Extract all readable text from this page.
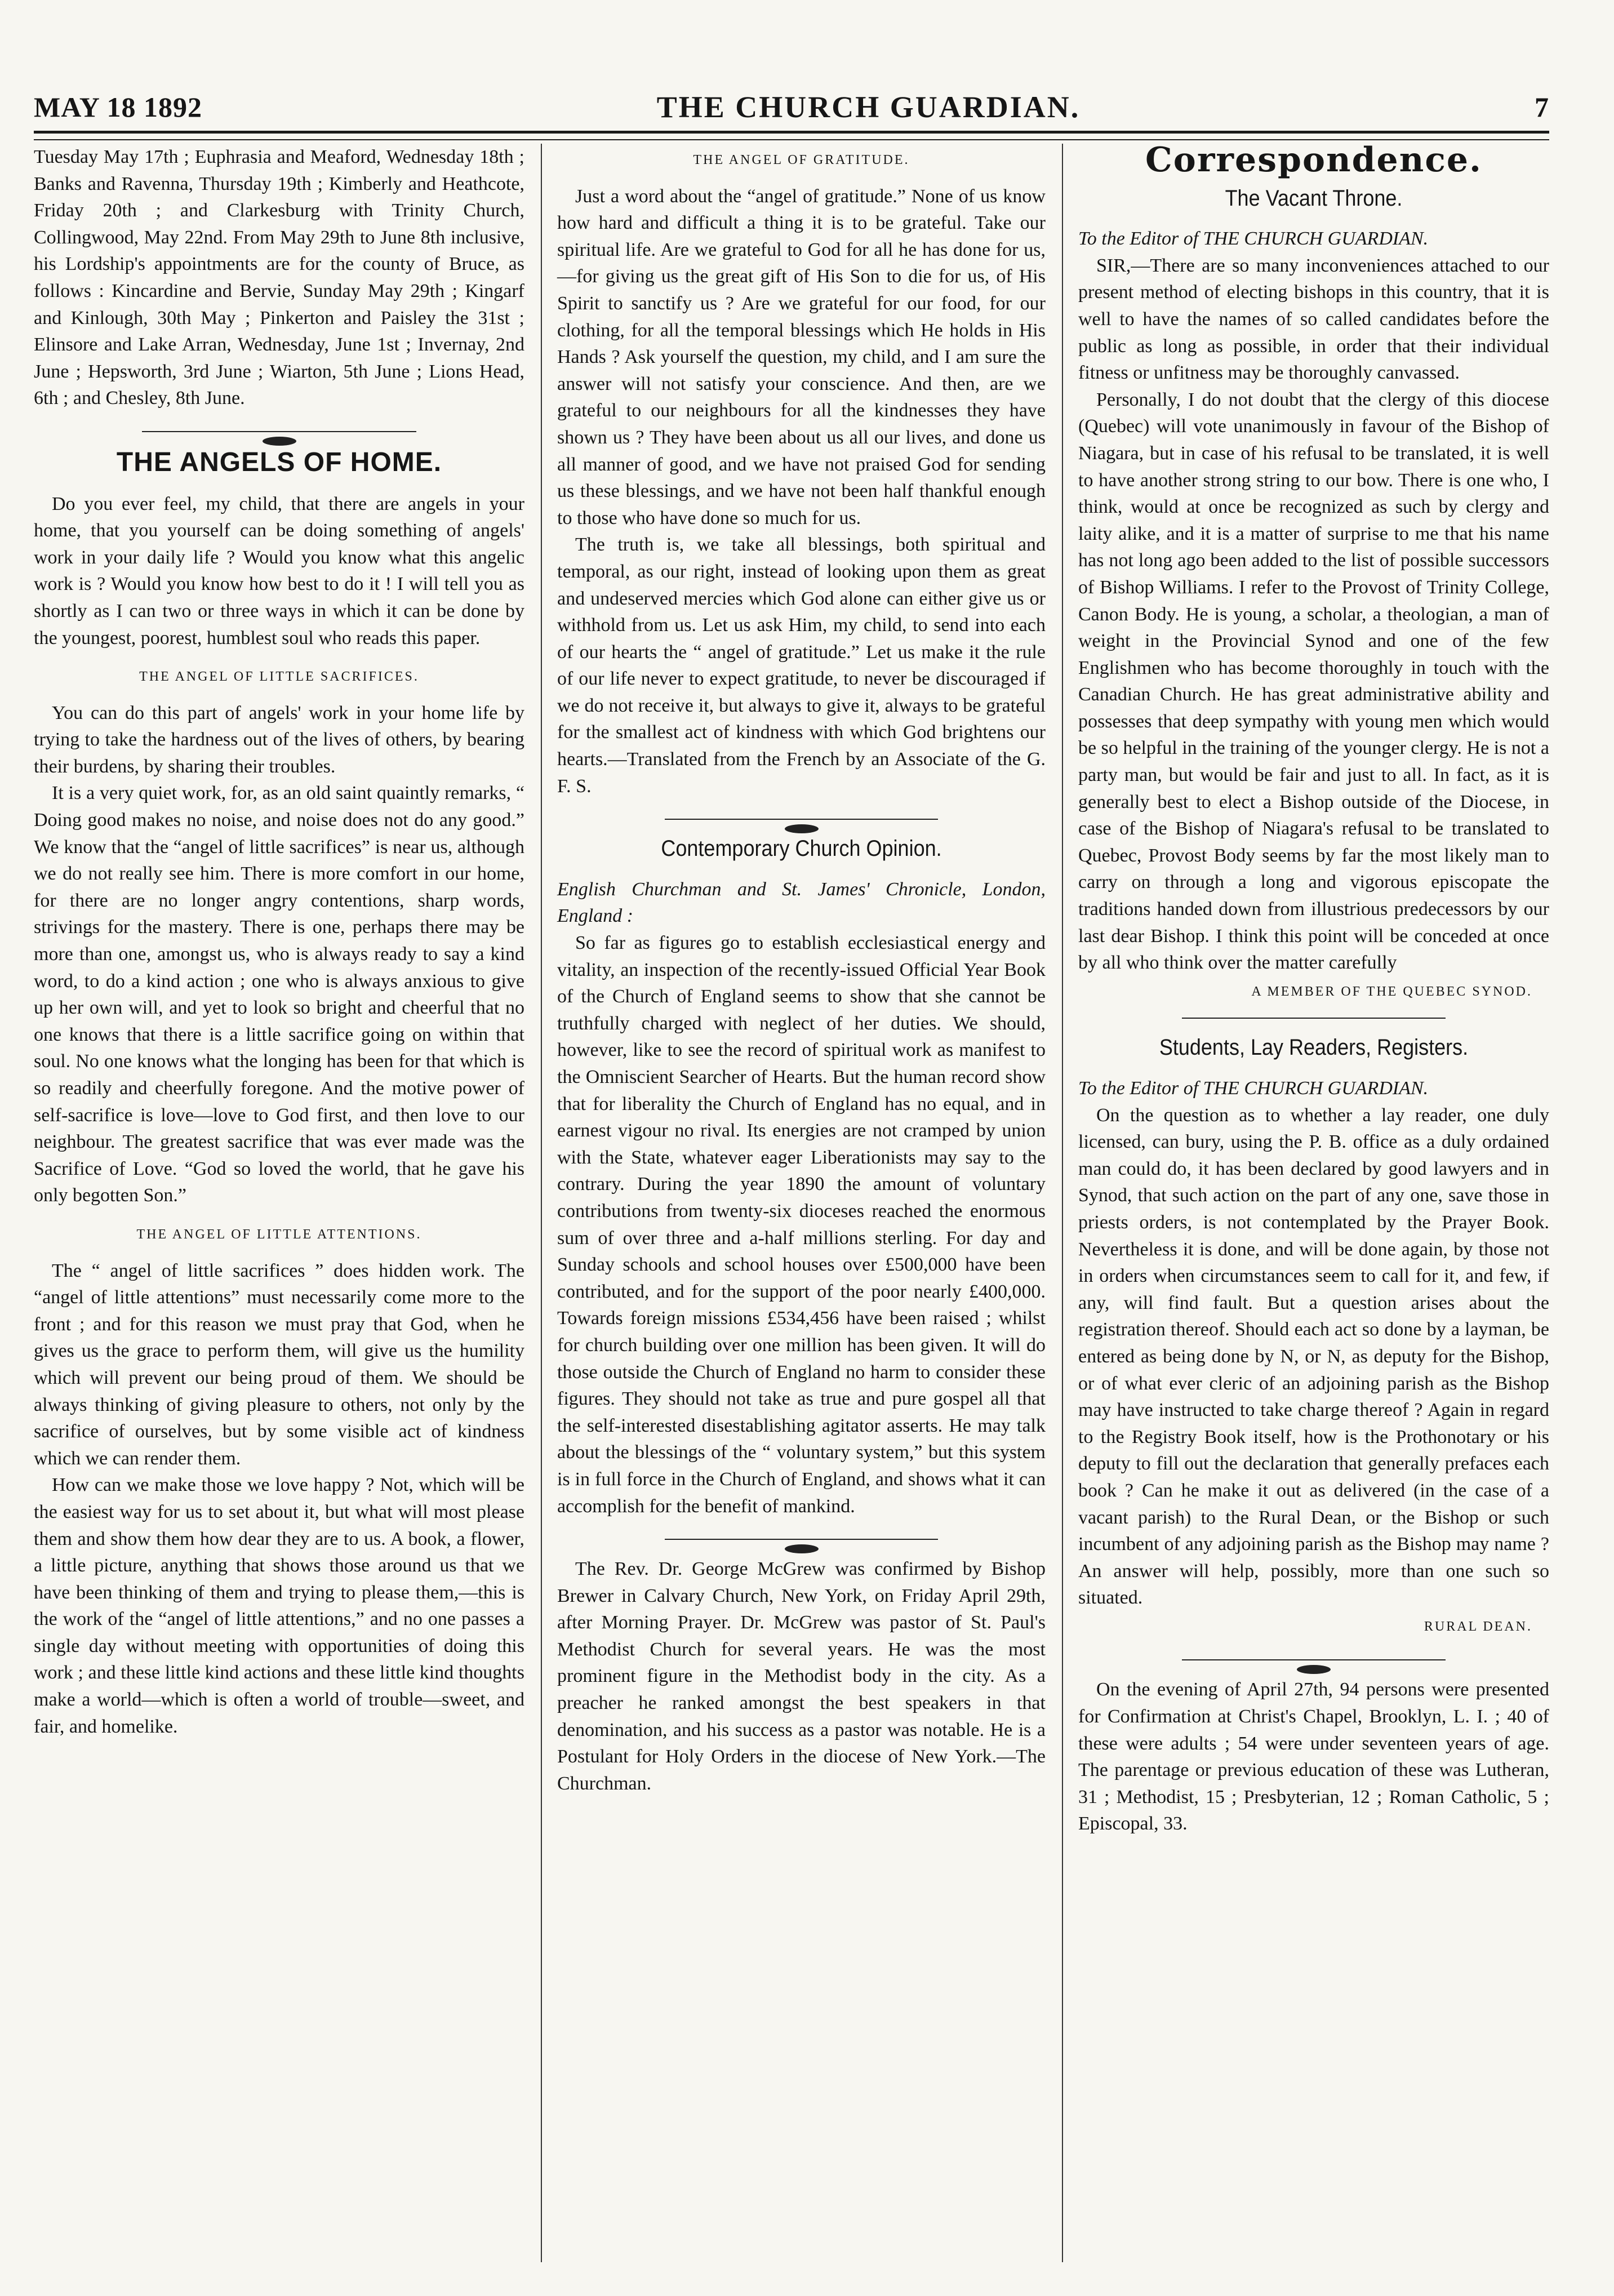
MAY 18 1892	THE CHURCH GUARDIAN.	7

Tuesday May 17th ; Euphrasia and Meaford, Wednesday 18th ; Banks and Ravenna, Thursday 19th ; Kimberly and Heathcote, Friday 20th ; and Clarkesburg with Trinity Church, Collingwood, May 22nd. From May 29th to June 8th inclusive, his Lordship's appointments are for the county of Bruce, as follows : Kincardine and Bervie, Sunday May 29th ; Kingarf and Kinlough, 30th May ; Pinkerton and Paisley the 31st ; Elinsore and Lake Arran, Wednesday, June 1st ; Invernay, 2nd June ; Hepsworth, 3rd June ; Wiarton, 5th June ; Lions Head, 6th ; and Chesley, 8th June.

THE ANGELS OF HOME.

Do you ever feel, my child, that there are angels in your home, that you yourself can be doing something of angels' work in your daily life ? Would you know what this angelic work is ? Would you know how best to do it ! I will tell you as shortly as I can two or three ways in which it can be done by the youngest, poorest, humblest soul who reads this paper.

THE ANGEL OF LITTLE SACRIFICES.

You can do this part of angels' work in your home life by trying to take the hardness out of the lives of others, by bearing their burdens, by sharing their troubles.

It is a very quiet work, for, as an old saint quaintly remarks, “ Doing good makes no noise, and noise does not do any good.” We know that the “angel of little sacrifices” is near us, although we do not really see him. There is more comfort in our home, for there are no longer angry contentions, sharp words, strivings for the mastery. There is one, perhaps there may be more than one, amongst us, who is always ready to say a kind word, to do a kind action ; one who is always anxious to give up her own will, and yet to look so bright and cheerful that no one knows that there is a little sacrifice going on within that soul. No one knows what the longing has been for that which is so readily and cheerfully foregone. And the motive power of self-sacrifice is love—love to God first, and then love to our neighbour. The greatest sacrifice that was ever made was the Sacrifice of Love. “God so loved the world, that he gave his only begotten Son.”

THE ANGEL OF LITTLE ATTENTIONS.

The “ angel of little sacrifices ” does hidden work. The “angel of little attentions” must necessarily come more to the front ; and for this reason we must pray that God, when he gives us the grace to perform them, will give us the humility which will prevent our being proud of them. We should be always thinking of giving pleasure to others, not only by the sacrifice of ourselves, but by some visible act of kindness which we can render them.

How can we make those we love happy ? Not, which will be the easiest way for us to set about it, but what will most please them and show them how dear they are to us. A book, a flower, a little picture, anything that shows those around us that we have been thinking of them and trying to please them,—this is the work of the “angel of little attentions,” and no one passes a single day without meeting with opportunities of doing this work ; and these little kind actions and these little kind thoughts make a world—which is often a world of trouble—sweet, and fair, and homelike.

THE ANGEL OF GRATITUDE.

Just a word about the “angel of gratitude.” None of us know how hard and difficult a thing it is to be grateful. Take our spiritual life. Are we grateful to God for all he has done for us,—for giving us the great gift of His Son to die for us, of His Spirit to sanctify us ? Are we grateful for our food, for our clothing, for all the temporal blessings which He holds in His Hands ? Ask yourself the question, my child, and I am sure the answer will not satisfy your conscience. And then, are we grateful to our neighbours for all the kindnesses they have shown us ? They have been about us all our lives, and done us all manner of good, and we have not praised God for sending us these blessings, and we have not been half thankful enough to those who have done so much for us.

The truth is, we take all blessings, both spiritual and temporal, as our right, instead of looking upon them as great and undeserved mercies which God alone can either give us or withhold from us. Let us ask Him, my child, to send into each of our hearts the “ angel of gratitude.” Let us make it the rule of our life never to expect gratitude, to never be discouraged if we do not receive it, but always to give it, always to be grateful for the smallest act of kindness with which God brightens our hearts.—Translated from the French by an Associate of the G. F. S.

Contemporary Church Opinion.

English Churchman and St. James' Chronicle, London, England :

So far as figures go to establish ecclesiastical energy and vitality, an inspection of the recently-issued Official Year Book of the Church of England seems to show that she cannot be truthfully charged with neglect of her duties. We should, however, like to see the record of spiritual work as manifest to the Omniscient Searcher of Hearts. But the human record show that for liberality the Church of England has no equal, and in earnest vigour no rival. Its energies are not cramped by union with the State, whatever eager Liberationists may say to the contrary. During the year 1890 the amount of voluntary contributions from twenty-six dioceses reached the enormous sum of over three and a-half millions sterling. For day and Sunday schools and school houses over £500,000 have been contributed, and for the support of the poor nearly £400,000. Towards foreign missions £534,456 have been raised ; whilst for church building over one million has been given. It will do those outside the Church of England no harm to consider these figures. They should not take as true and pure gospel all that the self-interested disestablishing agitator asserts. He may talk about the blessings of the “ voluntary system,” but this system is in full force in the Church of England, and shows what it can accomplish for the benefit of mankind.

The Rev. Dr. George McGrew was confirmed by Bishop Brewer in Calvary Church, New York, on Friday April 29th, after Morning Prayer. Dr. McGrew was pastor of St. Paul's Methodist Church for several years. He was the most prominent figure in the Methodist body in the city. As a preacher he ranked amongst the best speakers in that denomination, and his success as a pastor was notable. He is a Postulant for Holy Orders in the diocese of New York.—The Churchman.

Correspondence.
The Vacant Throne.

To the Editor of THE CHURCH GUARDIAN.

SIR,—There are so many inconveniences attached to our present method of electing bishops in this country, that it is well to have the names of so called candidates before the public as long as possible, in order that their individual fitness or unfitness may be thoroughly canvassed.

Personally, I do not doubt that the clergy of this diocese (Quebec) will vote unanimously in favour of the Bishop of Niagara, but in case of his refusal to be translated, it is well to have another strong string to our bow. There is one who, I think, would at once be recognized as such by clergy and laity alike, and it is a matter of surprise to me that his name has not long ago been added to the list of possible successors of Bishop Williams. I refer to the Provost of Trinity College, Canon Body. He is young, a scholar, a theologian, a man of weight in the Provincial Synod and one of the few Englishmen who has become thoroughly in touch with the Canadian Church. He has great administrative ability and possesses that deep sympathy with young men which would be so helpful in the training of the younger clergy. He is not a party man, but would be fair and just to all. In fact, as it is generally best to elect a Bishop outside of the Diocese, in case of the Bishop of Niagara's refusal to be translated to Quebec, Provost Body seems by far the most likely man to carry on through a long and vigorous episcopate the traditions handed down from illustrious predecessors by our last dear Bishop. I think this point will be conceded at once by all who think over the matter carefully

A MEMBER OF THE QUEBEC SYNOD.
Students, Lay Readers, Registers.

To the Editor of THE CHURCH GUARDIAN.

On the question as to whether a lay reader, one duly licensed, can bury, using the P. B. office as a duly ordained man could do, it has been declared by good lawyers and in Synod, that such action on the part of any one, save those in priests orders, is not contemplated by the Prayer Book. Nevertheless it is done, and will be done again, by those not in orders when circumstances seem to call for it, and few, if any, will find fault. But a question arises about the registration thereof. Should each act so done by a layman, be entered as being done by N, or N, as deputy for the Bishop, or of what ever cleric of an adjoining parish as the Bishop may have instructed to take charge thereof ? Again in regard to the Registry Book itself, how is the Prothonotary or his deputy to fill out the declaration that generally prefaces each book ? Can he make it out as delivered (in the case of a vacant parish) to the Rural Dean, or the Bishop or such incumbent of any adjoining parish as the Bishop may name ? An answer will help, possibly, more than one such so situated.

RURAL DEAN.

On the evening of April 27th, 94 persons were presented for Confirmation at Christ's Chapel, Brooklyn, L. I. ; 40 of these were adults ; 54 were under seventeen years of age. The parentage or previous education of these was Lutheran, 31 ; Methodist, 15 ; Presbyterian, 12 ; Roman Catholic, 5 ; Episcopal, 33.
